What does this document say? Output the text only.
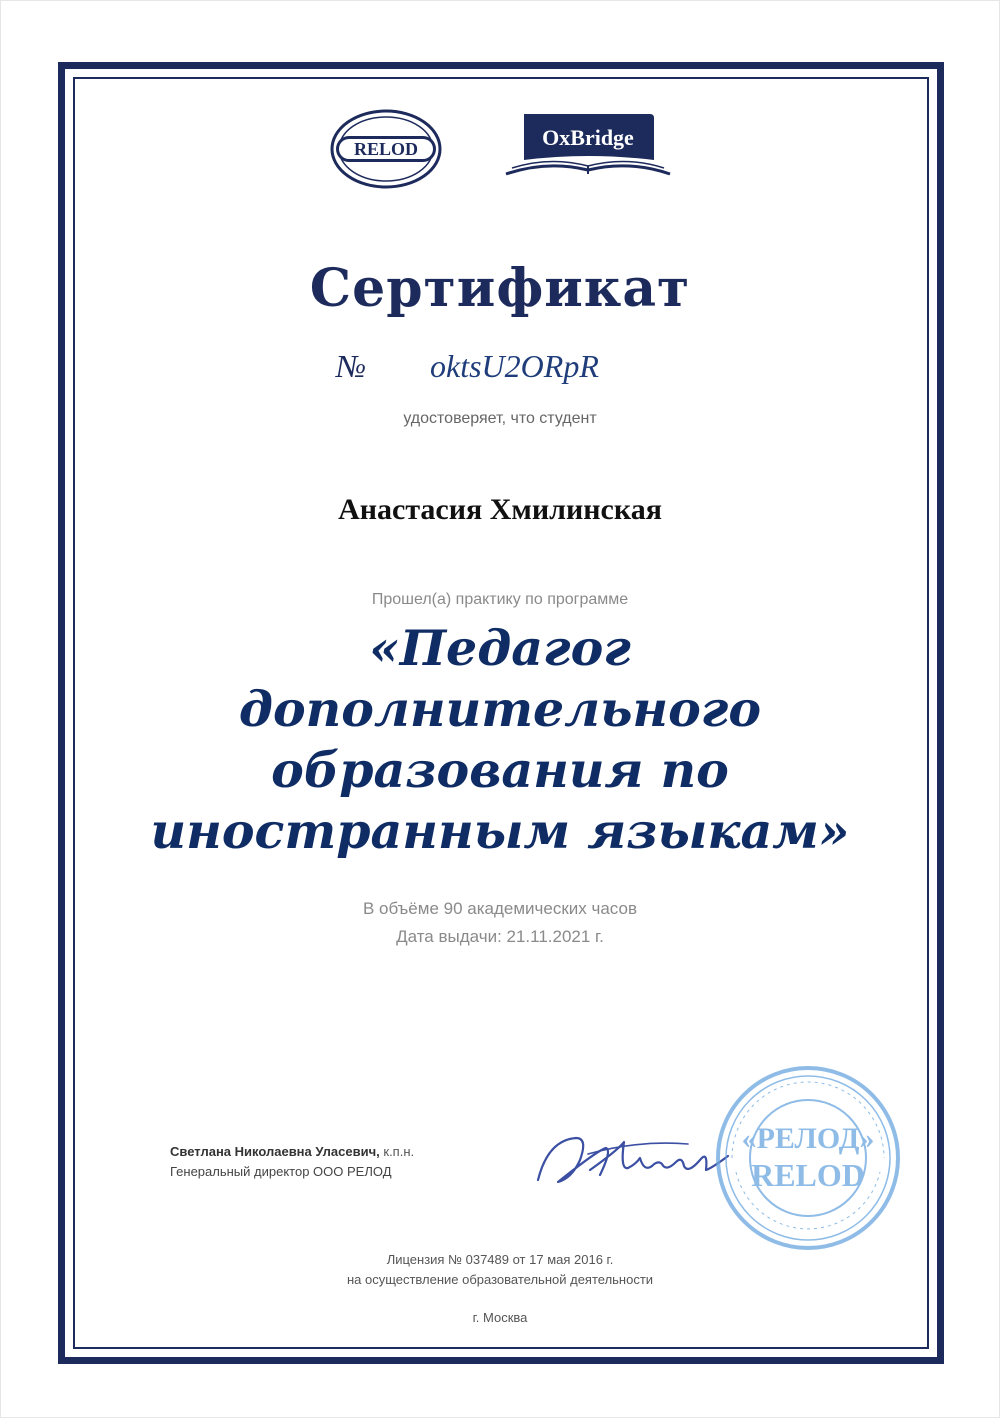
RELOD	OxBridge
Сертификат
№ oktsU2ORpR
удостоверяет, что студент
Анастасия Хмилинская
Прошел(а) практику по программе
«Педагог
дополнительного
образования по
иностранным языкам»
В объёме 90 академических часов
Дата выдачи: 21.11.2021 г.
Светлана Николаевна Уласевич, к.п.н.
Генеральный директор ООО РЕЛОД
«РЕЛОД»
RELOD
Лицензия № 037489 от 17 мая 2016 г.
на осуществление образовательной деятельности
г. Москва
